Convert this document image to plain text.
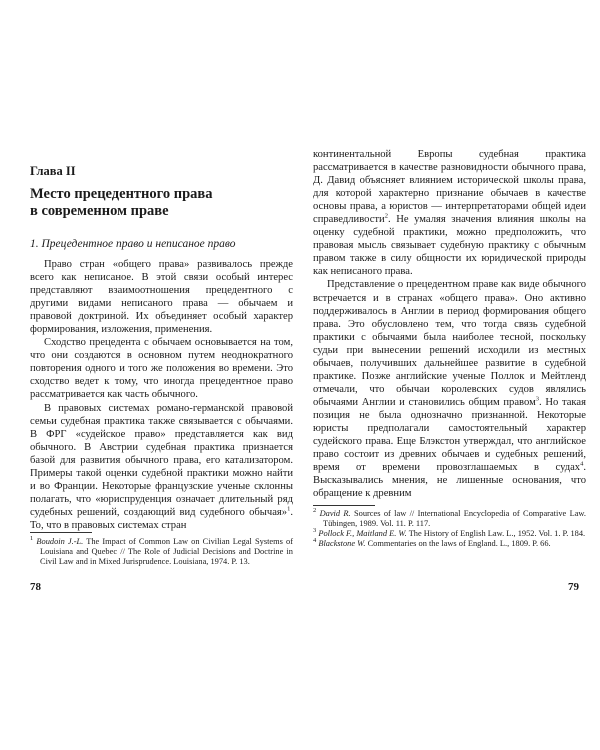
Глава II
Место прецедентного права
в современном праве
1. Прецедентное право и неписаное право

Право стран «общего права» развивалось прежде всего как неписаное. В этой связи особый интерес представляют взаимоотношения прецедентного с другими видами неписаного права — обычаем и правовой доктриной. Их объединяет особый характер формирования, изложения, применения.

Сходство прецедента с обычаем основывается на том, что они создаются в основном путем неоднократного повторения одного и того же положения во времени. Это сходство ведет к тому, что иногда прецедентное право рассматривается как часть обычного.

В правовых системах романо-германской правовой семьи судебная практика также связывается с обычаями. В ФРГ «судейское право» представляется как вид обычного. В Австрии судебная практика признается базой для развития обычного права, его катализатором. Примеры такой оценки судебной практики можно найти и во Франции. Некоторые французские ученые склонны полагать, что «юриспруденция означает длительный ряд судебных решений, создающий вид судебного обычая»$^1$. То, что в правовых системах стран

$^1$ Boudoin J.-L. The Impact of Common Law on Civilian Legal Systems of Louisiana and Quebec // The Role of Judicial Decisions and Doctrine in Civil Law and in Mixed Jurisprudence. Louisiana, 1974. P. 13.

78

континентальной Европы судебная практика рассматривается в качестве разновидности обычного права, Д. Давид объясняет влиянием исторической школы права, для которой характерно признание обычаев в качестве основы права, а юристов — интерпретаторами общей идеи справедливости$^2$. Не умаляя значения влияния школы на оценку судебной практики, можно предположить, что правовая мысль связывает судебную практику с обычным правом также в силу общности их юридической природы как неписаного права.

Представление о прецедентном праве как виде обычного встречается и в странах «общего права». Оно активно поддерживалось в Англии в период формирования общего права. Это обусловлено тем, что тогда связь судебной практики с обычаями была наиболее тесной, поскольку судьи при вынесении решений исходили из местных обычаев, получивших дальнейшее развитие в судебной практике. Позже английские ученые Поллок и Мейтленд отмечали, что обычаи королевских судов являлись обычаями Англии и становились общим правом$^3$. Но такая позиция не была однозначно признанной. Некоторые юристы предполагали самостоятельный характер судейского права. Еще Блэкстон утверждал, что английское право состоит из древних обычаев и судебных решений, время от времени провозглашаемых в судах$^4$. Высказывались мнения, не лишенные основания, что обращение к древним

$^2$ David R. Sources of law // International Encyclopedia of Comparative Law. Tübingen, 1989. Vol. 11. P. 117.

$^3$ Pollock F., Maitland E. W. The History of English Law. L., 1952. Vol. 1. P. 184.

$^4$ Blackstone W. Commentaries on the laws of England. L., 1809. P. 66.

79
